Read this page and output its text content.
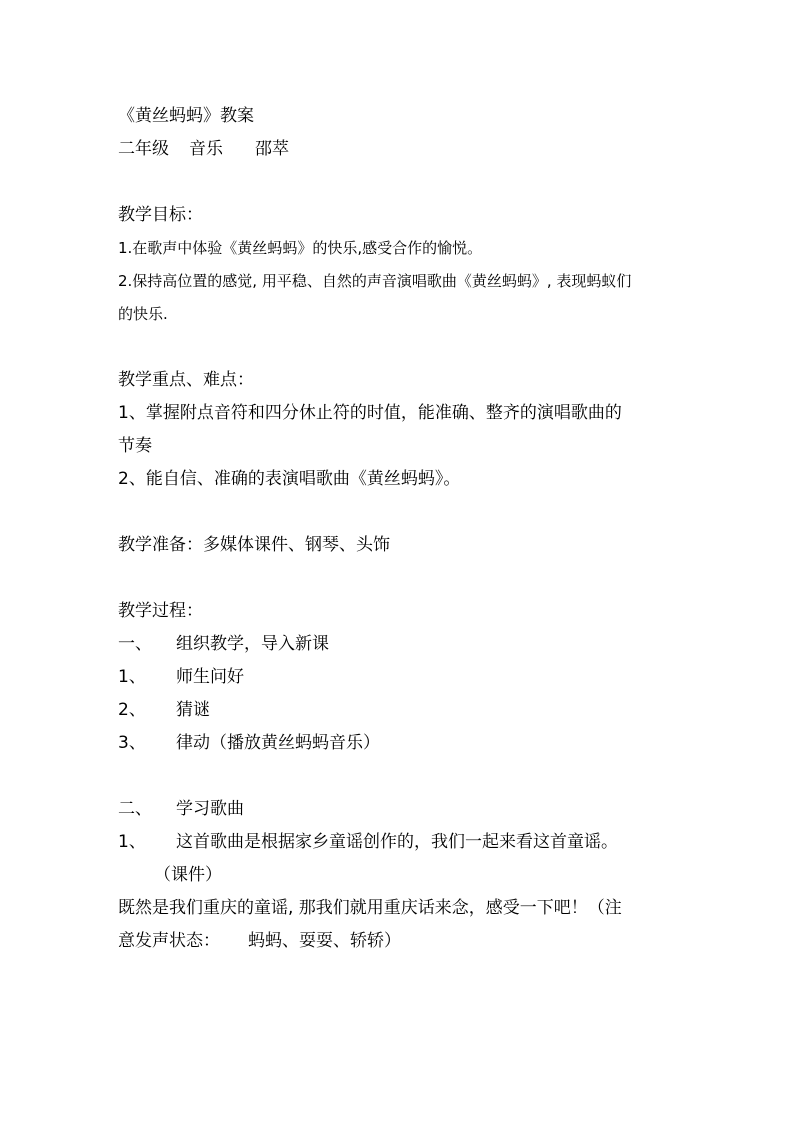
《黄丝蚂蚂》教案
二年级 音乐 邵萃
教学目标：
1.在歌声中体验《黄丝蚂蚂》的快乐,感受合作的愉悦。
2.保持高位置的感觉, 用平稳、自然的声音演唱歌曲《黄丝蚂蚂》, 表现蚂蚁们
的快乐.
教学重点、难点：
1、掌握附点音符和四分休止符的时值，能准确、整齐的演唱歌曲的
节奏
2、能自信、准确的表演唱歌曲《黄丝蚂蚂》。
教学准备：多媒体课件、钢琴、头饰
教学过程：
一、 组织教学，导入新课
1、 师生问好
2、 猜谜
3、 律动（播放黄丝蚂蚂音乐）
二、 学习歌曲
1、 这首歌曲是根据家乡童谣创作的，我们一起来看这首童谣。
（课件）
既然是我们重庆的童谣, 那我们就用重庆话来念，感受一下吧！（注
意发声状态： 蚂蚂、耍耍、轿轿）
